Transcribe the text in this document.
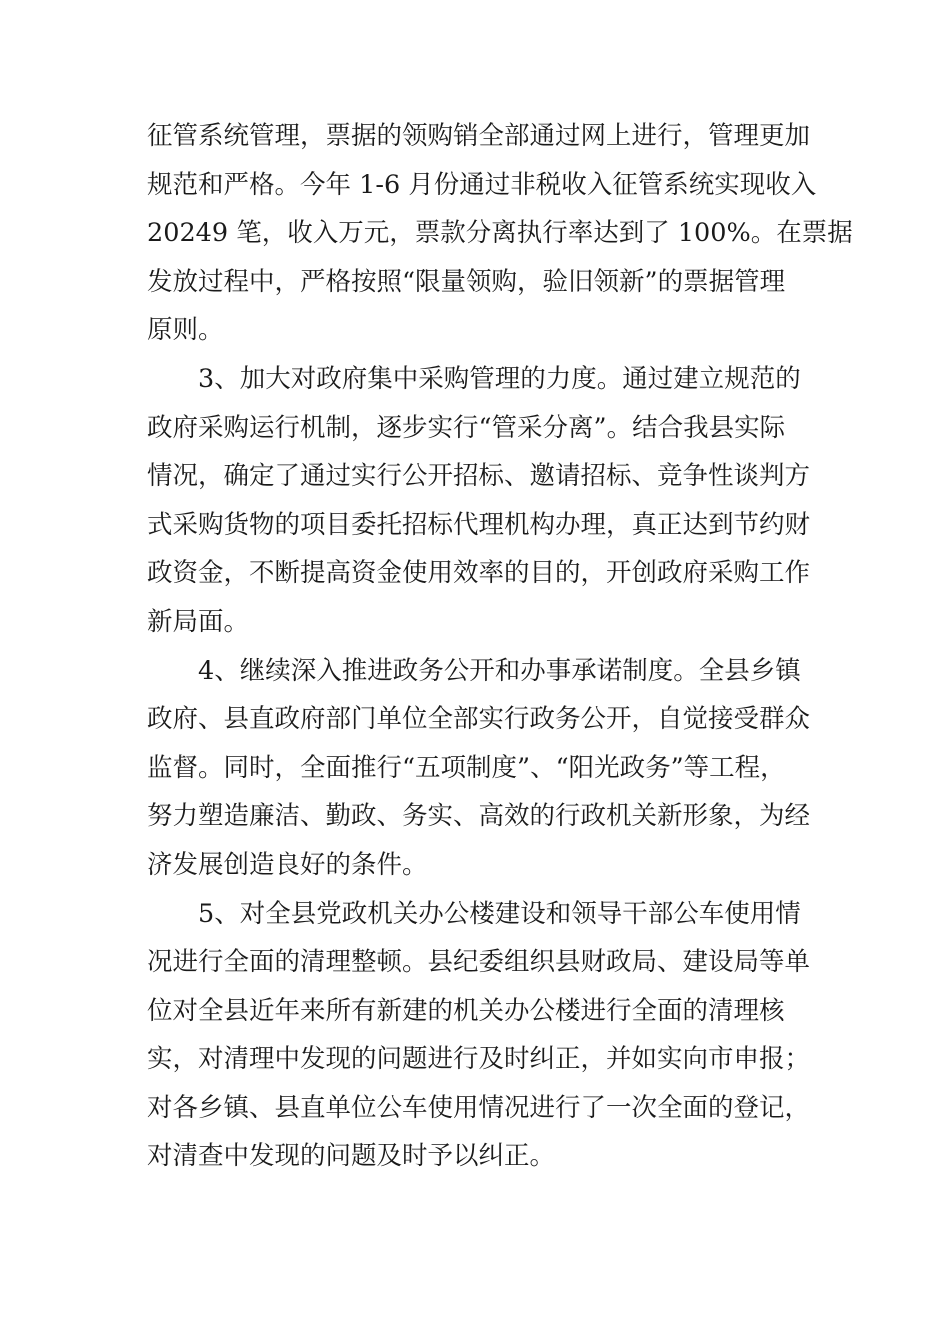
征管系统管理，票据的领购销全部通过网上进行，管理更加
规范和严格。今年 1-6 月份通过非税收入征管系统实现收入
20249 笔，收入万元，票款分离执行率达到了 100%。在票据
发放过程中，严格按照“限量领购，验旧领新”的票据管理
原则。
3、加大对政府集中采购管理的力度。通过建立规范的
政府采购运行机制，逐步实行“管采分离”。结合我县实际
情况，确定了通过实行公开招标、邀请招标、竞争性谈判方
式采购货物的项目委托招标代理机构办理，真正达到节约财
政资金，不断提高资金使用效率的目的，开创政府采购工作
新局面。
4、继续深入推进政务公开和办事承诺制度。全县乡镇
政府、县直政府部门单位全部实行政务公开，自觉接受群众
监督。同时，全面推行“五项制度”、“阳光政务”等工程，
努力塑造廉洁、勤政、务实、高效的行政机关新形象，为经
济发展创造良好的条件。
5、对全县党政机关办公楼建设和领导干部公车使用情
况进行全面的清理整顿。县纪委组织县财政局、建设局等单
位对全县近年来所有新建的机关办公楼进行全面的清理核
实，对清理中发现的问题进行及时纠正，并如实向市申报；
对各乡镇、县直单位公车使用情况进行了一次全面的登记，
对清查中发现的问题及时予以纠正。
